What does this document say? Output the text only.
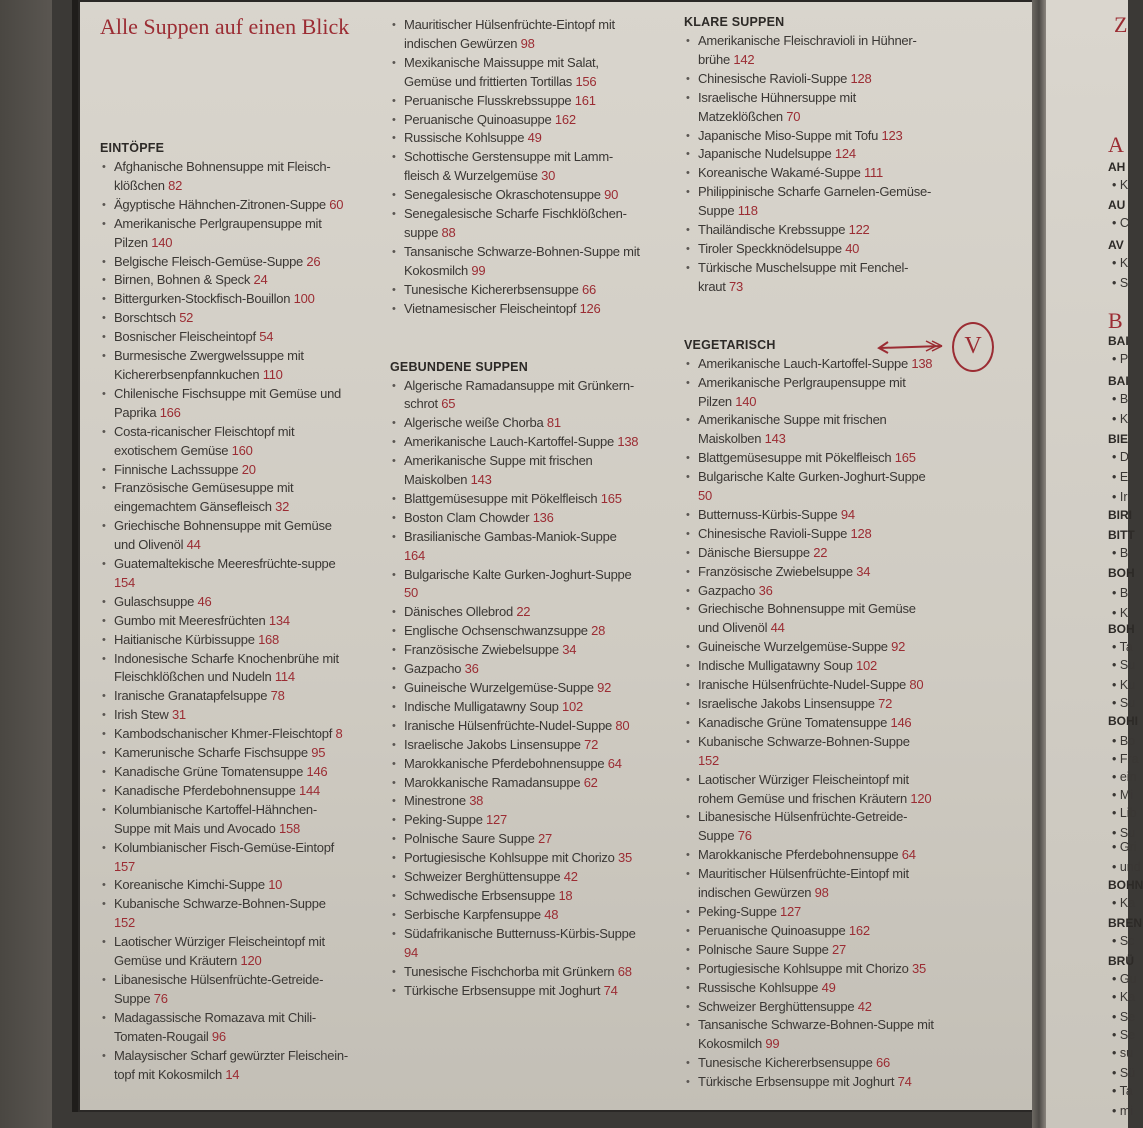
Alle Suppen auf einen Blick
EINTÖPFE
• Afghanische Bohnensuppe mit Fleischklößchen 82
• Ägyptische Hähnchen-Zitronen-Suppe 60
• Amerikanische Perlgraupensuppe mit Pilzen 140
• Belgische Fleisch-Gemüse-Suppe 26
• Birnen, Bohnen & Speck 24
• Bittergurken-Stockfisch-Bouillon 100
• Borschtsch 52
• Bosnischer Fleischeintopf 54
• Burmesische Zwergwelssuppe mit Kichererbsenpfannkuchen 110
• Chilenische Fischsuppe mit Gemüse und Paprika 166
• Costa-ricanischer Fleischtopf mit exotischem Gemüse 160
• Finnische Lachssuppe 20
• Französische Gemüsesuppe mit eingemachtem Gänsefleisch 32
• Griechische Bohnensuppe mit Gemüse und Olivenöl 44
• Guatemaltekische Meeresfrüchte-suppe 154
• Gulaschsuppe 46
• Gumbo mit Meeresfrüchten 134
• Haitianische Kürbissuppe 168
• Indonesische Scharfe Knochenbrühe mit Fleischklößchen und Nudeln 114
• Iranische Granatapfelsuppe 78
• Irish Stew 31
• Kambodschanischer Khmer-Fleischtopf 8
• Kamerunische Scharfe Fischsuppe 95
• Kanadische Grüne Tomatensuppe 146
• Kanadische Pferdebohnensuppe 144
• Kolumbianische Kartoffel-Hähnchen-Suppe mit Mais und Avocado 158
• Kolumbianischer Fisch-Gemüse-Eintopf 157
• Koreanische Kimchi-Suppe 10
• Kubanische Schwarze-Bohnen-Suppe 152
• Laotischer Würziger Fleischeintopf mit Gemüse und Kräutern 120
• Libanesische Hülsenfrüchte-Getreide-Suppe 76
• Madagassische Romazava mit Chili-Tomaten-Rougail 96
• Malaysischer Scharf gewürzter Fleischein-topf mit Kokosmilch 14
• Mauritischer Hülsenfrüchte-Eintopf mit indischen Gewürzen 98
• Mexikanische Maissuppe mit Salat, Gemüse und frittierten Tortillas 156
• Peruanische Flusskrebssuppe 161
• Peruanische Quinoasuppe 162
• Russische Kohlsuppe 49
• Schottische Gerstensuppe mit Lamm-fleisch & Wurzelgemüse 30
• Senegalesische Okraschotensuppe 90
• Senegalesische Scharfe Fischklößchen-suppe 88
• Tansanische Schwarze-Bohnen-Suppe mit Kokosmilch 99
• Tunesische Kichererbsensuppe 66
• Vietnamesischer Fleischeintopf 126
GEBUNDENE SUPPEN
• Algerische Ramadansuppe mit Grünkern-schrot 65
• Algerische weiße Chorba 81
• Amerikanische Lauch-Kartoffel-Suppe 138
• Amerikanische Suppe mit frischen Maiskolben 143
• Blattgemüsesuppe mit Pökelfleisch 165
• Boston Clam Chowder 136
• Brasilianische Gambas-Maniok-Suppe 164
• Bulgarische Kalte Gurken-Joghurt-Suppe 50
• Dänisches Ollebrod 22
• Englische Ochsenschwanzsuppe 28
• Französische Zwiebelsuppe 34
• Gazpacho 36
• Guineische Wurzelgemüse-Suppe 92
• Indische Mulligatawny Soup 102
• Iranische Hülsenfrüchte-Nudel-Suppe 80
• Israelische Jakobs Linsensuppe 72
• Marokkanische Pferdebohnensuppe 64
• Marokkanische Ramadansuppe 62
• Minestrone 38
• Peking-Suppe 127
• Polnische Saure Suppe 27
• Portugiesische Kohlsuppe mit Chorizo 35
• Schweizer Berghüttensuppe 42
• Schwedische Erbsensuppe 18
• Serbische Karpfensuppe 48
• Südafrikanische Butternuss-Kürbis-Suppe 94
• Tunesische Fischchorba mit Grünkern 68
• Türkische Erbsensuppe mit Joghurt 74
KLARE SUPPEN
• Amerikanische Fleischravioli in Hühner-brühe 142
• Chinesische Ravioli-Suppe 128
• Israelische Hühnersuppe mit Matzeklößchen 70
• Japanische Miso-Suppe mit Tofu 123
• Japanische Nudelsuppe 124
• Koreanische Wakamé-Suppe 111
• Philippinische Scharfe Garnelen-Gemüse-Suppe 118
• Thailändische Krebssuppe 122
• Tiroler Speckknödelsuppe 40
• Türkische Muschelsuppe mit Fenchel-kraut 73
VEGETARISCH
• Amerikanische Lauch-Kartoffel-Suppe 138
• Amerikanische Perlgraupensuppe mit Pilzen 140
• Amerikanische Suppe mit frischen Maiskolben 143
• Blattgemüsesuppe mit Pökelfleisch 165
• Bulgarische Kalte Gurken-Joghurt-Suppe 50
• Butternuss-Kürbis-Suppe 94
• Chinesische Ravioli-Suppe 128
• Dänische Biersuppe 22
• Französische Zwiebelsuppe 34
• Gazpacho 36
• Griechische Bohnensuppe mit Gemüse und Olivenöl 44
• Guineische Wurzelgemüse-Suppe 92
• Indische Mulligatawny Soup 102
• Iranische Hülsenfrüchte-Nudel-Suppe 80
• Israelische Jakobs Linsensuppe 72
• Kanadische Grüne Tomatensuppe 146
• Kubanische Schwarze-Bohnen-Suppe 152
• Laotischer Würziger Fleischeintopf mit rohem Gemüse und frischen Kräutern 120
• Libanesische Hülsenfrüchte-Getreide-Suppe 76
• Marokkanische Pferdebohnensuppe 64
• Mauritischer Hülsenfrüchte-Eintopf mit indischen Gewürzen 98
• Peking-Suppe 127
• Peruanische Quinoasuppe 162
• Polnische Saure Suppe 27
• Portugiesische Kohlsuppe mit Chorizo 35
• Russische Kohlsuppe 49
• Schweizer Berghüttensuppe 42
• Tansanische Schwarze-Bohnen-Suppe mit Kokosmilch 99
• Tunesische Kichererbsensuppe 66
• Türkische Erbsensuppe mit Joghurt 74
V
Z
A
B
AH
AU
AV
BAI
BAI
BIE
BIRI
BITT
BOH
BOH
BOHI
BOHN
BREN
BRÜ
• K
• C
• K
• S
• P
• B
• K
• D
• E
• Ir
• B
• B
• K
• Ta
• Su
• Ku
• Su
• Bo
• Fra
• ein
• Mi
• Lib
• Su
• Gri
• und
• Ka
• Sc
• Gu
• Ka
• Se
• Se
• su
• Sü
• Ta
• mi
